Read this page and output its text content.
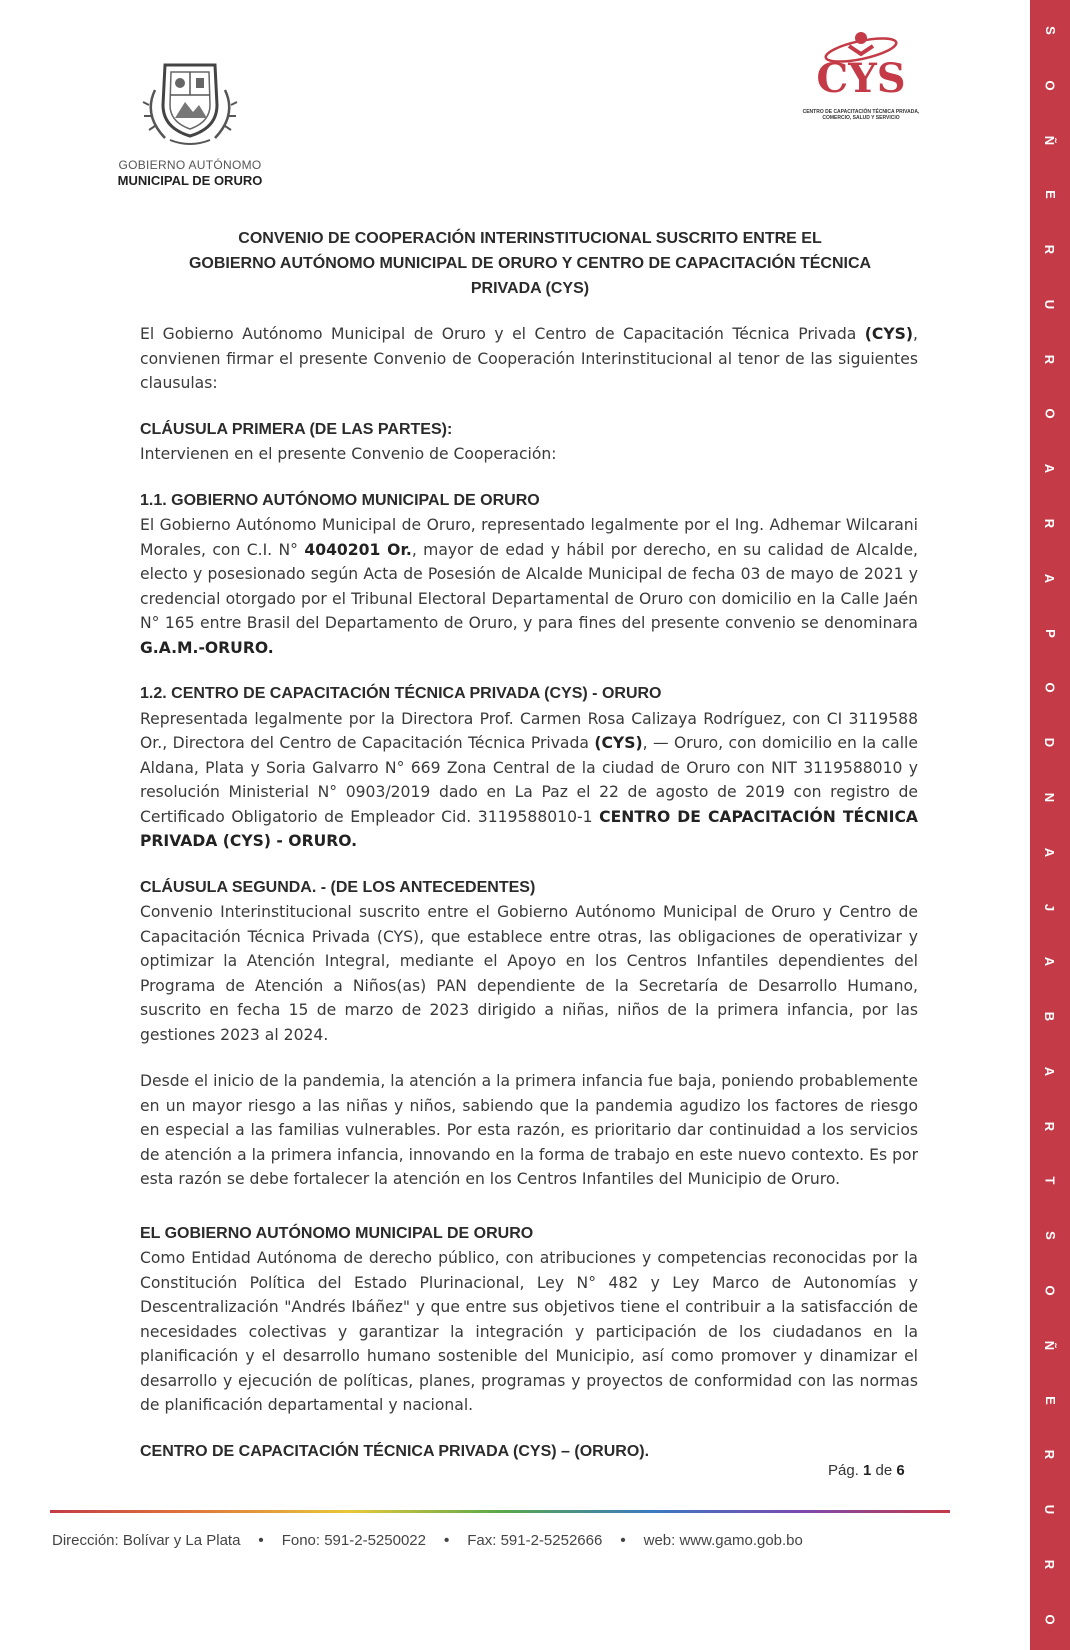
S
O
Ñ
E
R
U
R
O
A
R
A
P
O
D
N
A
J
A
B
A
R
T
S
O
Ñ
E
R
U
R
O
GOBIERNO AUTÓNOMO
MUNICIPAL DE ORURO
CYS
CENTRO DE CAPACITACIÓN TÉCNICA PRIVADA, COMERCIO, SALUD Y SERVICIO
CONVENIO DE COOPERACIÓN INTERINSTITUCIONAL SUSCRITO ENTRE EL
GOBIERNO AUTÓNOMO MUNICIPAL DE ORURO Y CENTRO DE CAPACITACIÓN TÉCNICA
PRIVADA (CYS)

El Gobierno Autónomo Municipal de Oruro y el Centro de Capacitación Técnica Privada (CYS), convienen firmar el presente Convenio de Cooperación Interinstitucional al tenor de las siguientes clausulas:

CLÁUSULA PRIMERA (DE LAS PARTES):

Intervienen en el presente Convenio de Cooperación:

1.1. GOBIERNO AUTÓNOMO MUNICIPAL DE ORURO

El Gobierno Autónomo Municipal de Oruro, representado legalmente por el Ing. Adhemar Wilcarani Morales, con C.I. N° 4040201 Or., mayor de edad y hábil por derecho, en su calidad de Alcalde, electo y posesionado según Acta de Posesión de Alcalde Municipal de fecha 03 de mayo de 2021 y credencial otorgado por el Tribunal Electoral Departamental de Oruro con domicilio en la Calle Jaén N° 165 entre Brasil del Departamento de Oruro, y para fines del presente convenio se denominara G.A.M.-ORURO.

1.2. CENTRO DE CAPACITACIÓN TÉCNICA PRIVADA (CYS) - ORURO

Representada legalmente por la Directora Prof. Carmen Rosa Calizaya Rodríguez, con CI 3119588 Or., Directora del Centro de Capacitación Técnica Privada (CYS), — Oruro, con domicilio en la calle Aldana, Plata y Soria Galvarro N° 669 Zona Central de la ciudad de Oruro con NIT 3119588010 y resolución Ministerial N° 0903/2019 dado en La Paz el 22 de agosto de 2019 con registro de Certificado Obligatorio de Empleador Cid. 3119588010-1 CENTRO DE CAPACITACIÓN TÉCNICA PRIVADA (CYS) - ORURO.

CLÁUSULA SEGUNDA. - (DE LOS ANTECEDENTES)

Convenio Interinstitucional suscrito entre el Gobierno Autónomo Municipal de Oruro y Centro de Capacitación Técnica Privada (CYS), que establece entre otras, las obligaciones de operativizar y optimizar la Atención Integral, mediante el Apoyo en los Centros Infantiles dependientes del Programa de Atención a Niños(as) PAN dependiente de la Secretaría de Desarrollo Humano, suscrito en fecha 15 de marzo de 2023 dirigido a niñas, niños de la primera infancia, por las gestiones 2023 al 2024.

Desde el inicio de la pandemia, la atención a la primera infancia fue baja, poniendo probablemente en un mayor riesgo a las niñas y niños, sabiendo que la pandemia agudizo los factores de riesgo en especial a las familias vulnerables. Por esta razón, es prioritario dar continuidad a los servicios de atención a la primera infancia, innovando en la forma de trabajo en este nuevo contexto. Es por esta razón se debe fortalecer la atención en los Centros Infantiles del Municipio de Oruro.

EL GOBIERNO AUTÓNOMO MUNICIPAL DE ORURO

Como Entidad Autónoma de derecho público, con atribuciones y competencias reconocidas por la Constitución Política del Estado Plurinacional, Ley N° 482 y Ley Marco de Autonomías y Descentralización "Andrés Ibáñez" y que entre sus objetivos tiene el contribuir a la satisfacción de necesidades colectivas y garantizar la integración y participación de los ciudadanos en la planificación y el desarrollo humano sostenible del Municipio, así como promover y dinamizar el desarrollo y ejecución de políticas, planes, programas y proyectos de conformidad con las normas de planificación departamental y nacional.

CENTRO DE CAPACITACIÓN TÉCNICA PRIVADA (CYS) – (ORURO).

Pág. 1 de 6
Dirección: Bolívar y La Plata • Fono: 591-2-5250022 • Fax: 591-2-5252666 • web: www.gamo.gob.bo
